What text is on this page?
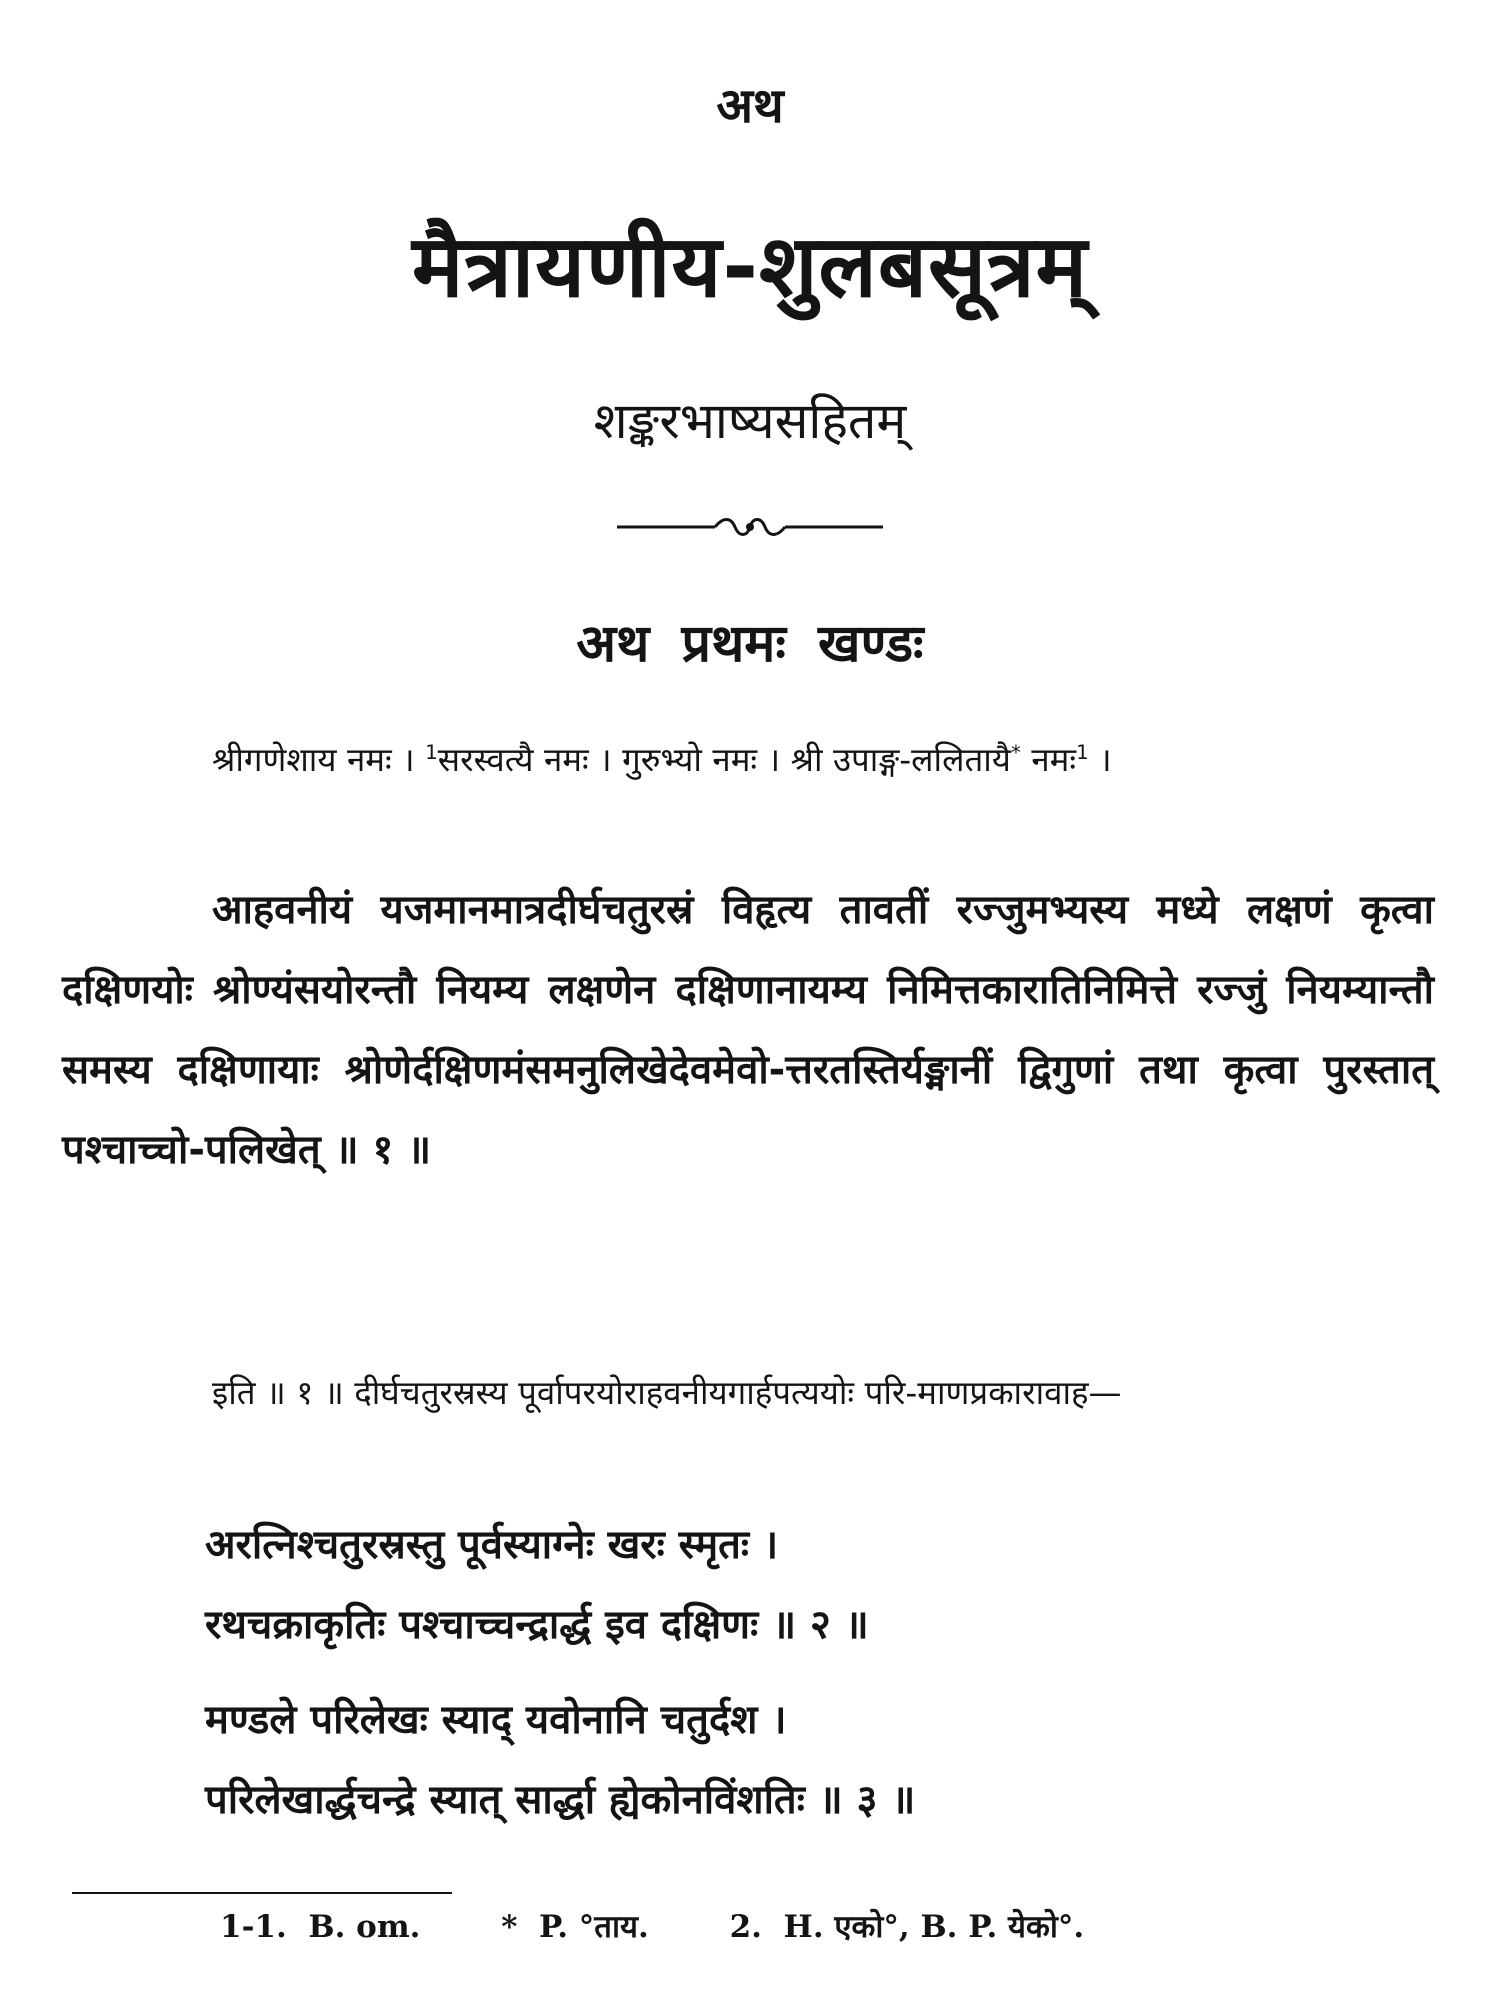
अथ
मैत्रायणीय-शुलबसूत्रम्
शङ्करभाष्यसहितम्
अथ प्रथमः खण्डः
श्रीगणेशाय नमः । $^1$सरस्वत्यै नमः । गुरुभ्यो नमः । श्री उपाङ्ग-ललितायै* नमः$^1$ ।
आहवनीयं यजमानमात्रदीर्घचतुरस्रं विहृत्य तावतीं रज्जुमभ्यस्य मध्ये लक्षणं कृत्वा दक्षिणयोः श्रोण्यंसयोरन्तौ नियम्य लक्षणेन दक्षिणानायम्य निमित्तकारातिनिमित्ते रज्जुं नियम्यान्तौ समस्य दक्षिणायाः श्रोणेर्दक्षिणमंसमनुलिखेदेवमेवो-त्तरतस्तिर्यङ्मानीं द्विगुणां तथा कृत्वा पुरस्तात् पश्चाच्चो-पलिखेत् ॥ १ ॥
इति ॥ १ ॥ दीर्घचतुरस्रस्य पूर्वापरयोराहवनीयगार्हपत्ययोः परि-माणप्रकारावाह—
अरत्निश्चतुरस्रस्तु पूर्वस्याग्नेः खरः स्मृतः ।
रथचक्राकृतिः पश्चाच्चन्द्रार्द्ध इव दक्षिणः ॥ २ ॥
मण्डले परिलेखः स्याद् यवोनानि चतुर्दश ।
परिलेखार्द्धचन्द्रे स्यात् सार्द्धा ह्येकोनविंशतिः ॥ ३ ॥
1-1.  B. om.	*  P. °ताय.	2.  H. एको°, B. P. येको°.
